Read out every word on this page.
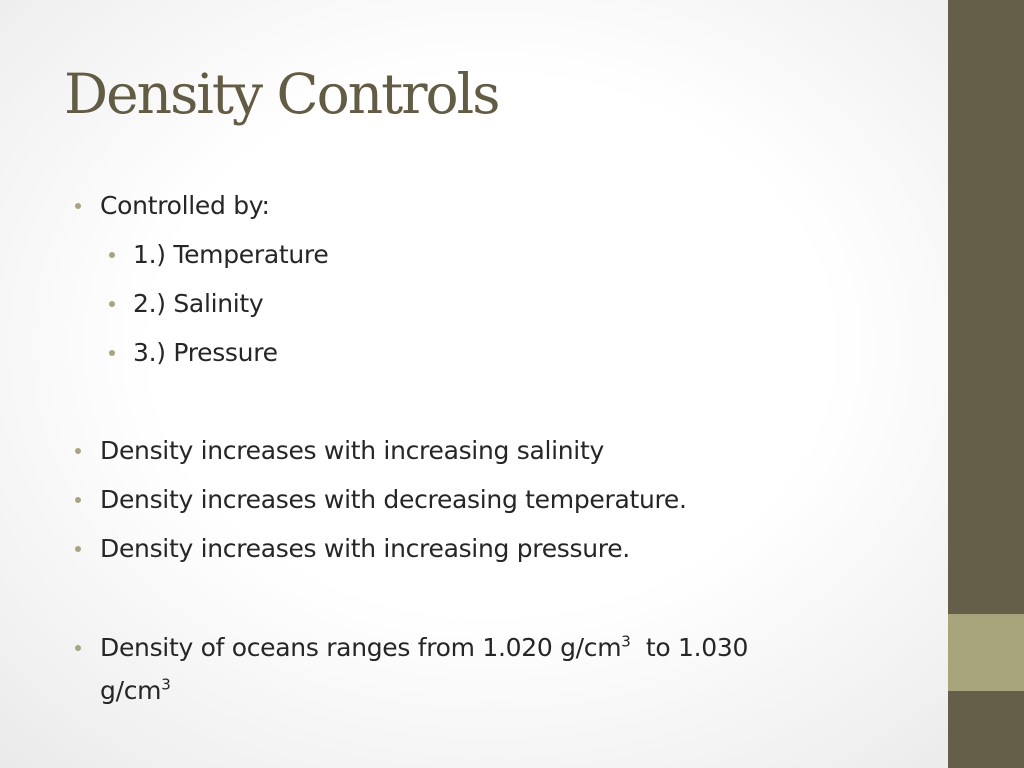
Density Controls
Controlled by:
1.) Temperature
2.) Salinity
3.) Pressure
Density increases with increasing salinity
Density increases with decreasing temperature.
Density increases with increasing pressure.
Density of oceans ranges from 1.020 $g/cm^3$  to 1.030
$g/cm^3$
